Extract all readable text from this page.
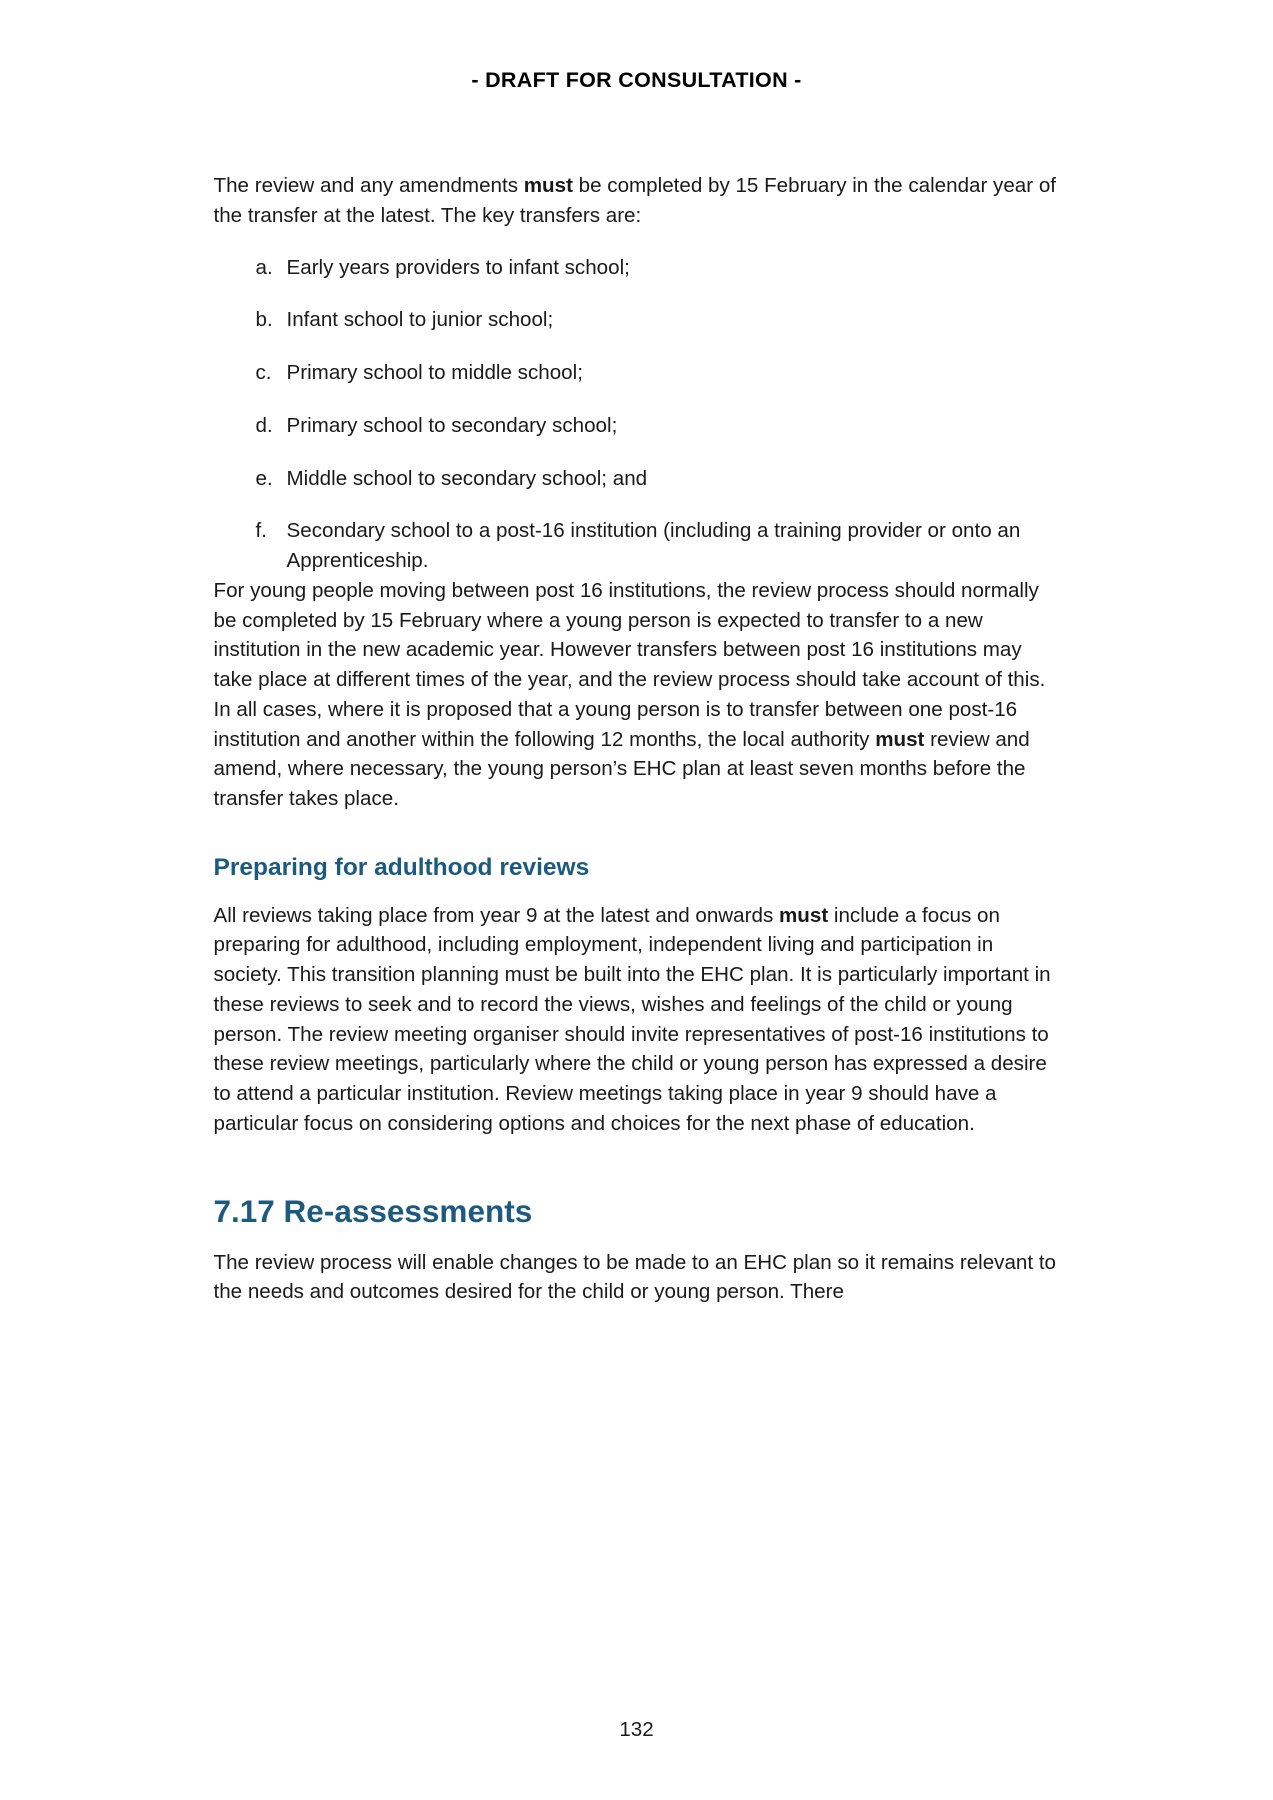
- DRAFT FOR CONSULTATION -

The review and any amendments must be completed by 15 February in the calendar year of the transfer at the latest. The key transfers are:

a. Early years providers to infant school;
b. Infant school to junior school;
c. Primary school to middle school;
d. Primary school to secondary school;
e. Middle school to secondary school; and
f. Secondary school to a post-16 institution (including a training provider or onto an Apprenticeship.

For young people moving between post 16 institutions, the review process should normally be completed by 15 February where a young person is expected to transfer to a new institution in the new academic year. However transfers between post 16 institutions may take place at different times of the year, and the review process should take account of this. In all cases, where it is proposed that a young person is to transfer between one post-16 institution and another within the following 12 months, the local authority must review and amend, where necessary, the young person’s EHC plan at least seven months before the transfer takes place.

Preparing for adulthood reviews

All reviews taking place from year 9 at the latest and onwards must include a focus on preparing for adulthood, including employment, independent living and participation in society. This transition planning must be built into the EHC plan. It is particularly important in these reviews to seek and to record the views, wishes and feelings of the child or young person. The review meeting organiser should invite representatives of post-16 institutions to these review meetings, particularly where the child or young person has expressed a desire to attend a particular institution. Review meetings taking place in year 9 should have a particular focus on considering options and choices for the next phase of education.

7.17 Re-assessments

The review process will enable changes to be made to an EHC plan so it remains relevant to the needs and outcomes desired for the child or young person. There

132
